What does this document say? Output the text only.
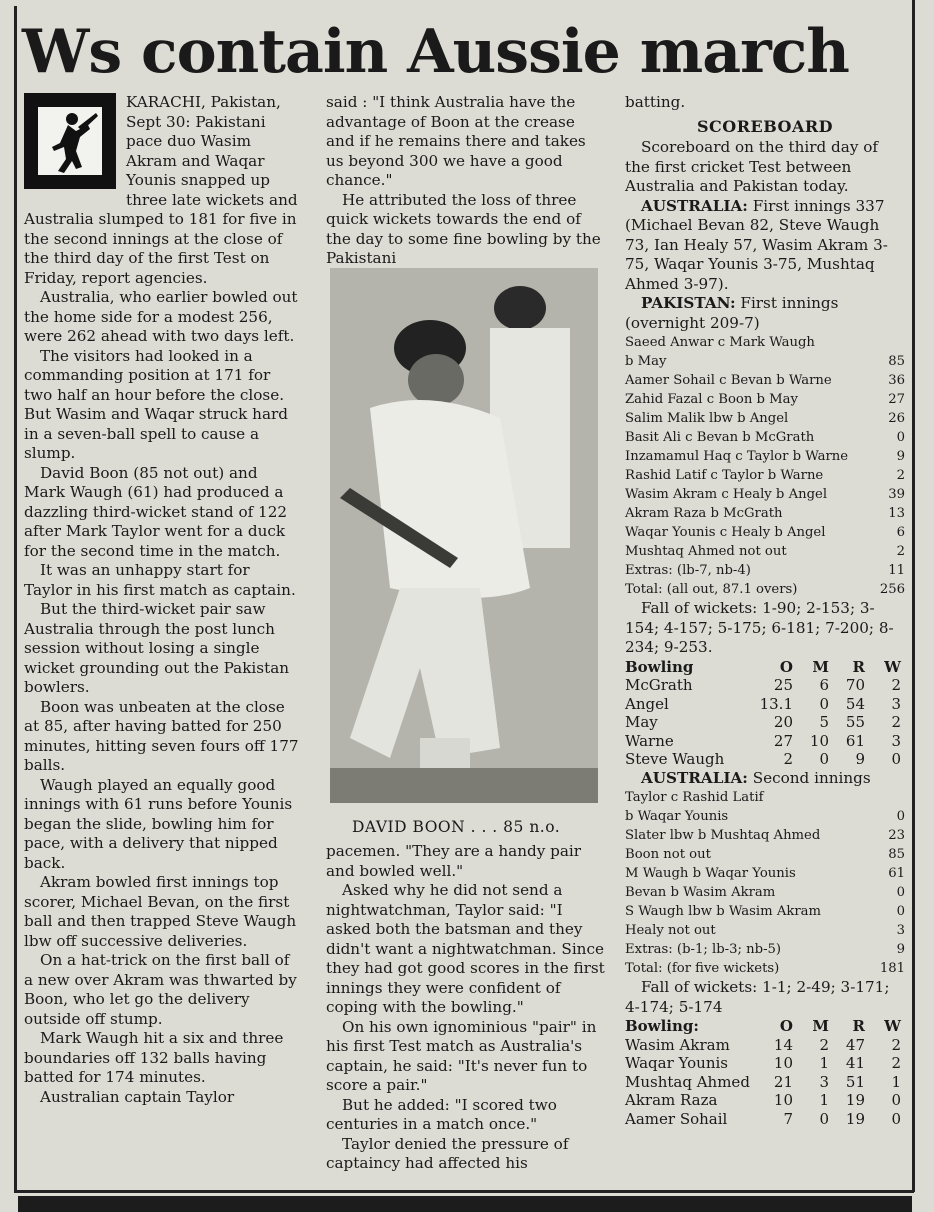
Ws contain Aussie march

KARACHI, Pakistan, Sept 30: Pakistani pace duo Wasim Akram and Waqar Younis snapped up three late wickets and Australia slumped to 181 for five in the second innings at the close of the third day of the first Test on Friday, report agencies.

Australia, who earlier bowled out the home side for a modest 256, were 262 ahead with two days left.

The visitors had looked in a commanding position at 171 for two half an hour before the close. But Wasim and Waqar struck hard in a seven-ball spell to cause a slump.

David Boon (85 not out) and Mark Waugh (61) had produced a dazzling third-wicket stand of 122 after Mark Taylor went for a duck for the second time in the match.

It was an unhappy start for Taylor in his first match as captain.

But the third-wicket pair saw Australia through the post lunch session without losing a single wicket grounding out the Pakistan bowlers.

Boon was unbeaten at the close at 85, after having batted for 250 minutes, hitting seven fours off 177 balls.

Waugh played an equally good innings with 61 runs before Younis began the slide, bowling him for pace, with a delivery that nipped back.

Akram bowled first innings top scorer, Michael Bevan, on the first ball and then trapped Steve Waugh lbw off successive deliveries.

On a hat-trick on the first ball of a new over Akram was thwarted by Boon, who let go the delivery outside off stump.

Mark Waugh hit a six and three boundaries off 132 balls having batted for 174 minutes.

Australian captain Taylor

said : "I think Australia have the advantage of Boon at the crease and if he remains there and takes us beyond 300 we have a good chance."

He attributed the loss of three quick wickets towards the end of the day to some fine bowling by the Pakistani

DAVID BOON . . . 85 n.o.

pacemen. "They are a handy pair and bowled well."

Asked why he did not send a nightwatchman, Taylor said: "I asked both the batsman and they didn't want a nightwatchman. Since they had got good scores in the first innings they were confident of coping with the bowling."

On his own ignominious "pair" in his first Test match as Australia's captain, he said: "It's never fun to score a pair."

But he added: "I scored two centuries in a match once."

Taylor denied the pressure of captaincy had affected his

batting.

SCOREBOARD

Scoreboard on the third day of the first cricket Test between Australia and Pakistan today.

AUSTRALIA: First innings 337 (Michael Bevan 82, Steve Waugh 73, Ian Healy 57, Wasim Akram 3-75, Waqar Younis 3-75, Mushtaq Ahmed 3-97).

PAKISTAN: First innings (overnight 209-7)

Saeed Anwar c Mark Waugh
b May	85
Aamer Sohail c Bevan b Warne	36
Zahid Fazal c Boon b May	27
Salim Malik lbw b Angel	26
Basit Ali c Bevan b McGrath	0
Inzamamul Haq c Taylor b Warne	9
Rashid Latif c Taylor b Warne	2
Wasim Akram c Healy b Angel	39
Akram Raza b McGrath	13
Waqar Younis c Healy b Angel	6
Mushtaq Ahmed not out	2
Extras: (lb-7, nb-4)	11
Total: (all out, 87.1 overs)	256

Fall of wickets: 1-90; 2-153; 3-154; 4-157; 5-175; 6-181; 7-200; 8-234; 9-253.

Bowling	O	M	R	W
McGrath	25	6	70	2
Angel	13.1	0	54	3
May	20	5	55	2
Warne	27	10	61	3
Steve Waugh	2	0	9	0

AUSTRALIA: Second innings

Taylor c Rashid Latif
b Waqar Younis	0
Slater lbw b Mushtaq Ahmed	23
Boon not out	85
M Waugh b Waqar Younis	61
Bevan b Wasim Akram	0
S Waugh lbw b Wasim Akram	0
Healy not out	3
Extras: (b-1; lb-3; nb-5)	9
Total: (for five wickets)	181

Fall of wickets: 1-1; 2-49; 3-171; 4-174; 5-174

Bowling:	O	M	R	W
Wasim Akram	14	2	47	2
Waqar Younis	10	1	41	2
Mushtaq Ahmed	21	3	51	1
Akram Raza	10	1	19	0
Aamer Sohail	7	0	19	0
